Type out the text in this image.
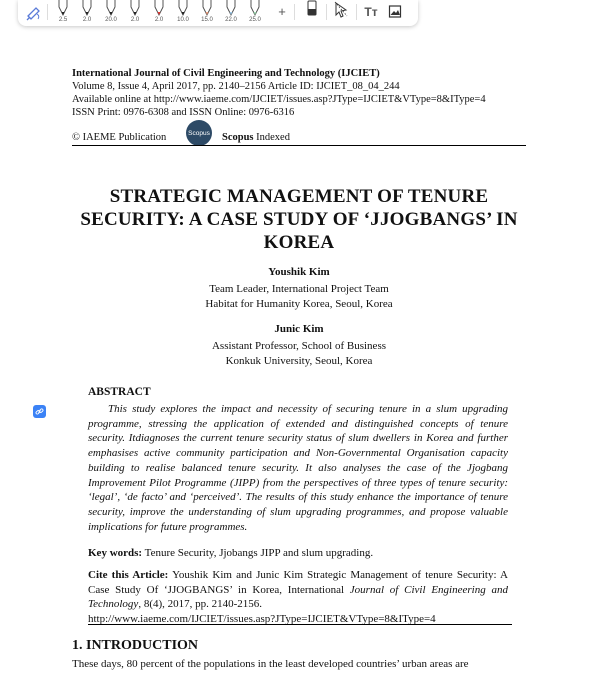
+	Tт
2.5	2.0 20.0 2.0	2.0 10.0 15.0 22.0 25.0
International Journal of Civil Engineering and Technology (IJCIET)
Volume 8, Issue 4, April 2017, pp. 2140–2156 Article ID: IJCIET_08_04_244
Available online at http://www.iaeme.com/IJCIET/issues.asp?JType=IJCIET&VType=8&IType=4
ISSN Print: 0976-6308 and ISSN Online: 0976-6316
© IAEME Publication	Scopus Scopus Indexed
STRATEGIC MANAGEMENT OF TENURE SECURITY: A CASE STUDY OF ‘JJOGBANGS’ IN KOREA
Youshik Kim
Team Leader, International Project Team
Habitat for Humanity Korea, Seoul, Korea
Junic Kim
Assistant Professor, School of Business
Konkuk University, Seoul, Korea
ABSTRACT
This study explores the impact and necessity of securing tenure in a slum upgrading programme, stressing the application of extended and distinguished concepts of tenure security. Itdiagnoses the current tenure security status of slum dwellers in Korea and further emphasises active community participation and Non-Governmental Organisation capacity building to realise balanced tenure security. It also analyses the case of the Jjogbang Improvement Pilot Programme (JIPP) from the perspectives of three types of tenure security: ‘legal’, ‘de facto’ and ‘perceived’. The results of this study enhance the importance of tenure security, improve the understanding of slum upgrading programmes, and propose valuable implications for future programmes.
Key words: Tenure Security, Jjobangs JIPP and slum upgrading.
Cite this Article: Youshik Kim and Junic Kim Strategic Management of tenure Security: A Case Study Of ‘JJOGBANGS’ in Korea, International Journal of Civil Engineering and Technology, 8(4), 2017, pp. 2140-2156.
http://www.iaeme.com/IJCIET/issues.asp?JType=IJCIET&VType=8&IType=4
1. INTRODUCTION
These days, 80 percent of the populations in the least developed countries’ urban areas are
